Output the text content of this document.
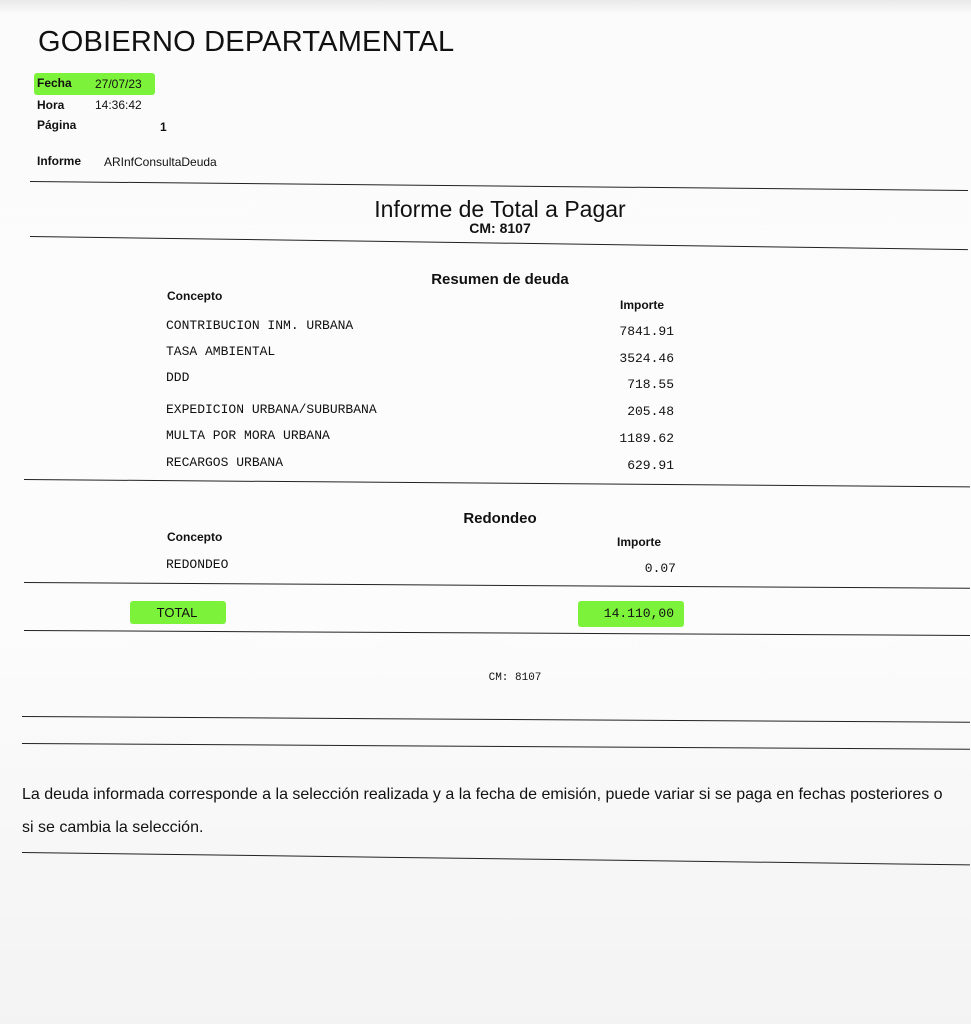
GOBIERNO DEPARTAMENTAL
Fecha 27/07/23
Hora	14:36:42
Página	1
Informe ARInfConsultaDeuda
Informe de Total a Pagar
CM: 8107
Resumen de deuda
Concepto
Importe
CONTRIBUCION INM. URBANA	7841.91
TASA AMBIENTAL	3524.46
DDD	718.55
EXPEDICION URBANA/SUBURBANA	205.48
MULTA POR MORA URBANA	1189.62
RECARGOS URBANA	629.91
Redondeo
Concepto	Importe
REDONDEO	0.07
TOTAL	14.110,00
CM: 8107
La deuda informada corresponde a la selección realizada y a la fecha de emisión, puede variar si se paga en fechas posteriores o si se cambia la selección.
